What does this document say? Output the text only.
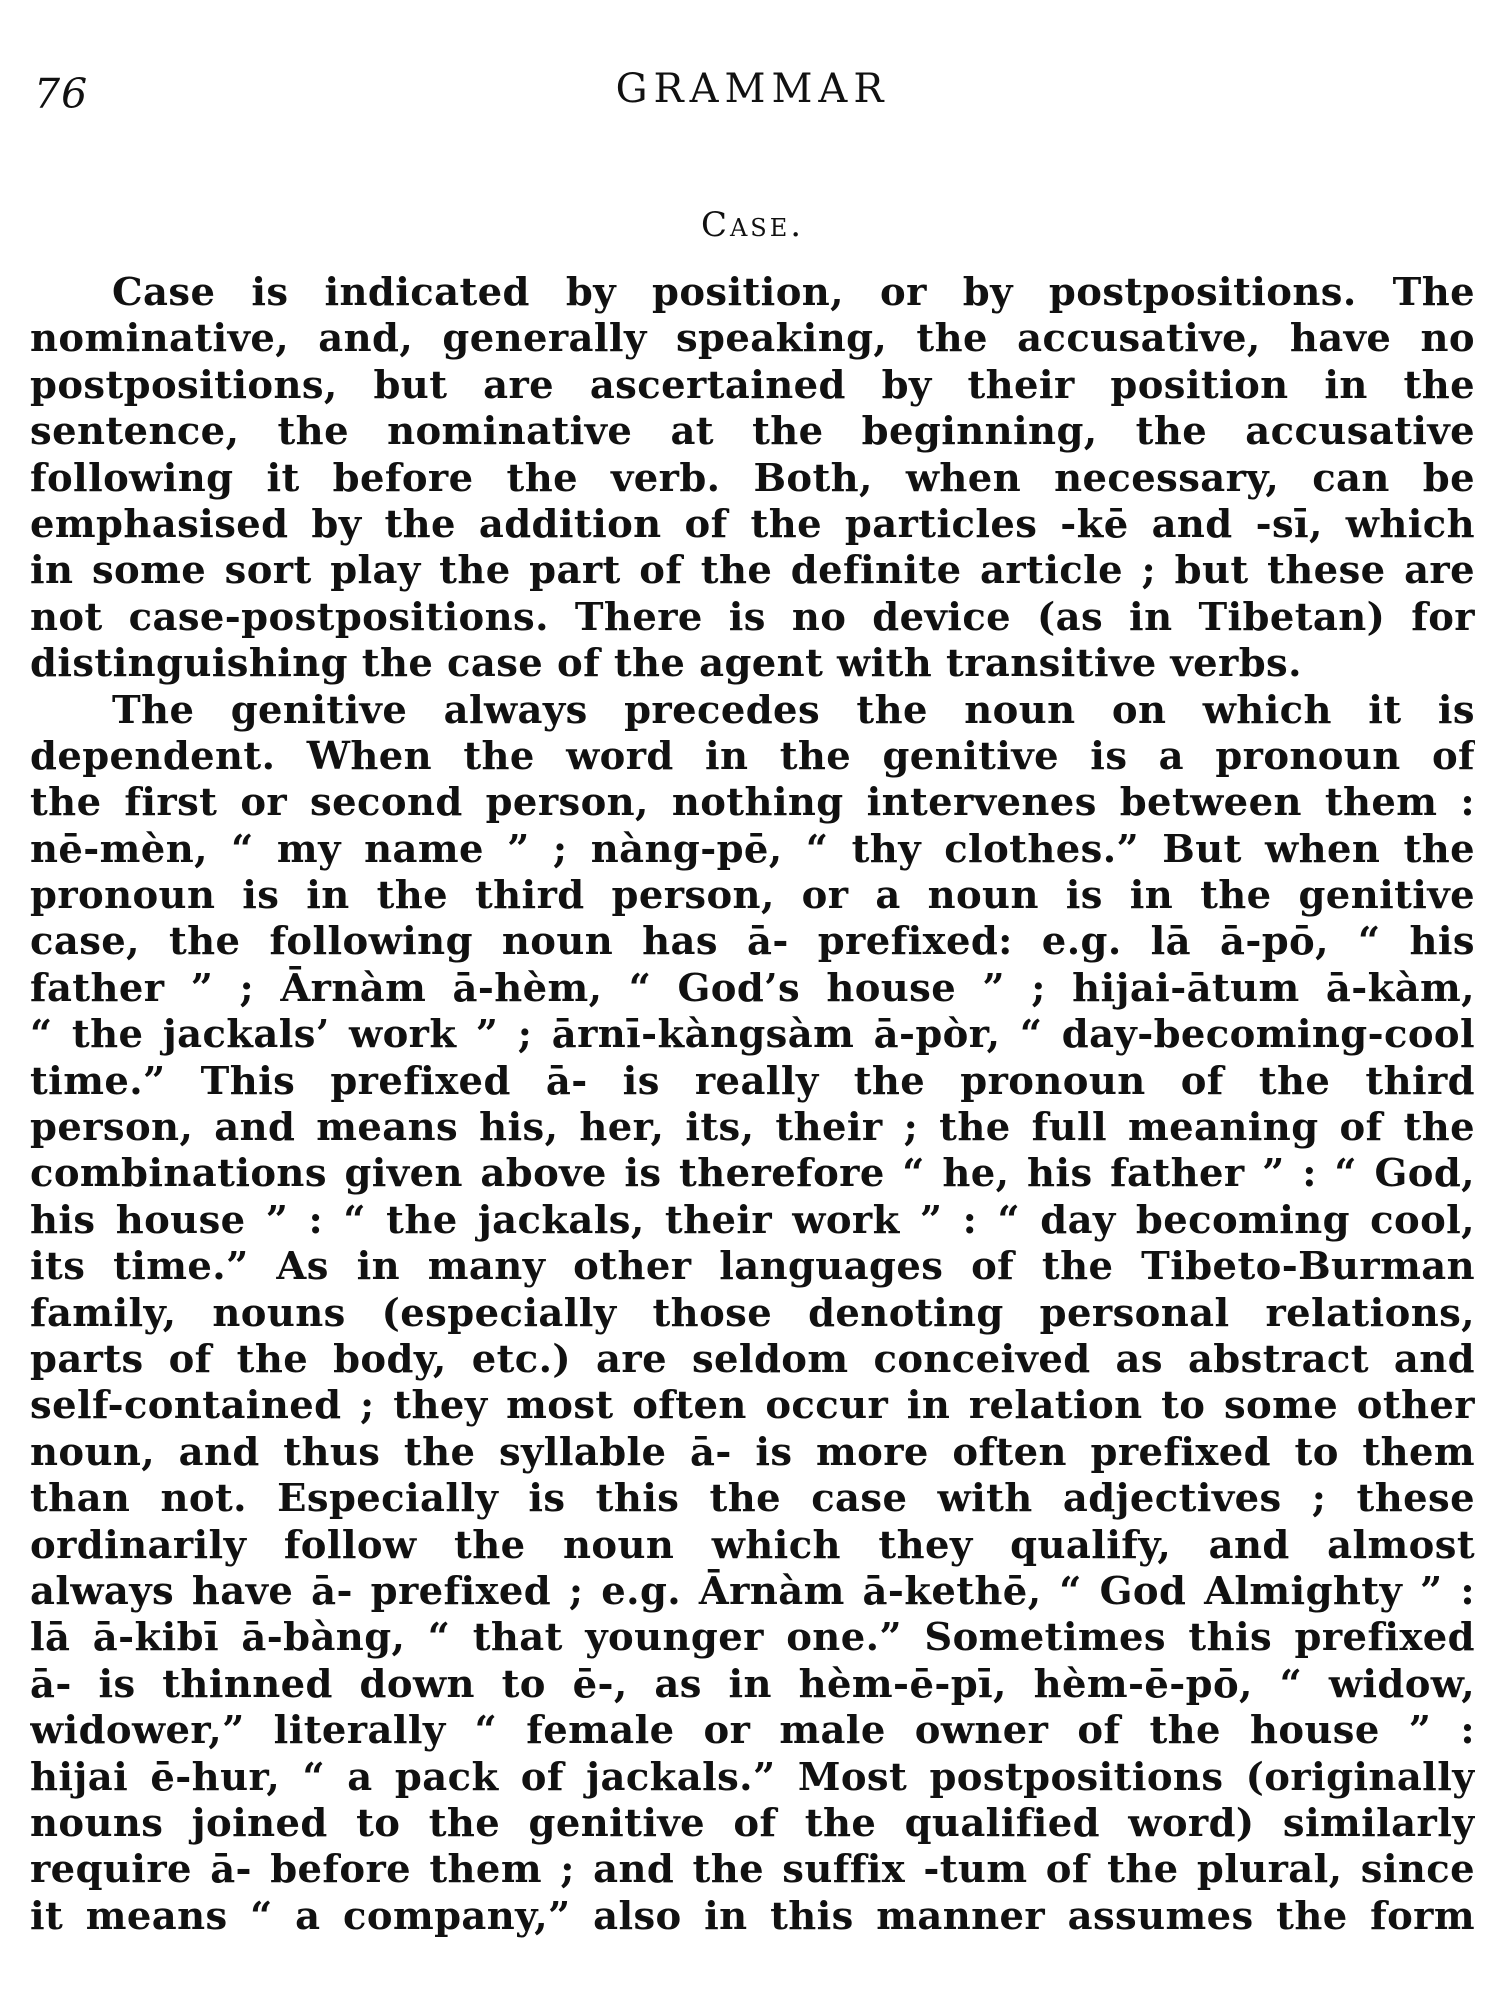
76	GRAMMAR
Case.
Case is indicated by position, or by postpositions. The
nominative, and, generally speaking, the accusative, have no
postpositions, but are ascertained by their position in the
sentence, the nominative at the beginning, the accusative
following it before the verb. Both, when necessary, can be
emphasised by the addition of the particles -kē and -sī, which
in some sort play the part of the definite article ; but these are
not case-postpositions. There is no device (as in Tibetan) for
distinguishing the case of the agent with transitive verbs.
The genitive always precedes the noun on which it is
dependent. When the word in the genitive is a pronoun of
the first or second person, nothing intervenes between them :
nē-mèn, “ my name ” ; nàng-pē, “ thy clothes.” But when the
pronoun is in the third person, or a noun is in the genitive
case, the following noun has ā- prefixed: e.g. lā ā-pō, “ his
father ” ; Ārnàm ā-hèm, “ God’s house ” ; hijai-ātum ā-kàm,
“ the jackals’ work ” ; ārnī-kàngsàm ā-pòr, “ day-becoming-cool
time.” This prefixed ā- is really the pronoun of the third
person, and means his, her, its, their ; the full meaning of the
combinations given above is therefore “ he, his father ” : “ God,
his house ” : “ the jackals, their work ” : “ day becoming cool,
its time.” As in many other languages of the Tibeto-Burman
family, nouns (especially those denoting personal relations,
parts of the body, etc.) are seldom conceived as abstract and
self-contained ; they most often occur in relation to some other
noun, and thus the syllable ā- is more often prefixed to them
than not. Especially is this the case with adjectives ; these
ordinarily follow the noun which they qualify, and almost
always have ā- prefixed ; e.g. Ārnàm ā-kethē, “ God Almighty ” :
lā ā-kibī ā-bàng, “ that younger one.” Sometimes this prefixed
ā- is thinned down to ē-, as in hèm-ē-pī, hèm-ē-pō, “ widow,
widower,” literally “ female or male owner of the house ” :
hijai ē-hur, “ a pack of jackals.” Most postpositions (originally
nouns joined to the genitive of the qualified word) similarly
require ā- before them ; and the suffix -tum of the plural, since
it means “ a company,” also in this manner assumes the form
